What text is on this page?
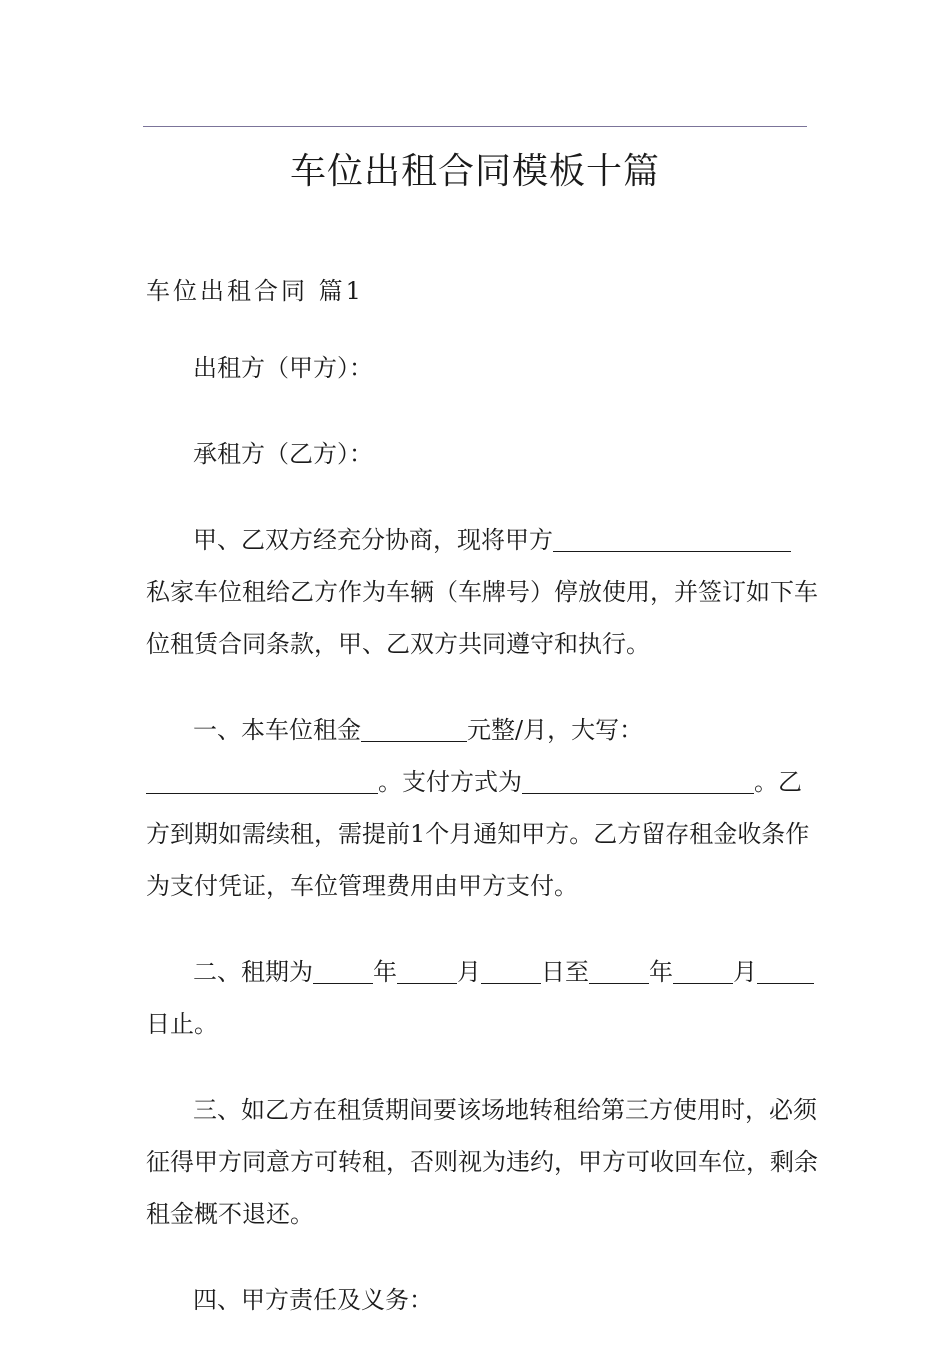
车位出租合同模板十篇
车位出租合同 篇1
出租方（甲方）：
承租方（乙方）：
甲、乙双方经充分协商，现将甲方
私家车位租给乙方作为车辆（车牌号）停放使用，并签订如下车
位租赁合同条款，甲、乙双方共同遵守和执行。
一、本车位租金	元整/月，大写：
。支付方式为	。乙
方到期如需续租，需提前1个月通知甲方。乙方留存租金收条作
为支付凭证，车位管理费用由甲方支付。
二、租期为	年	月	日至	年	月
日止。
三、如乙方在租赁期间要该场地转租给第三方使用时，必须
征得甲方同意方可转租，否则视为违约，甲方可收回车位，剩余
租金概不退还。
四、甲方责任及义务：
